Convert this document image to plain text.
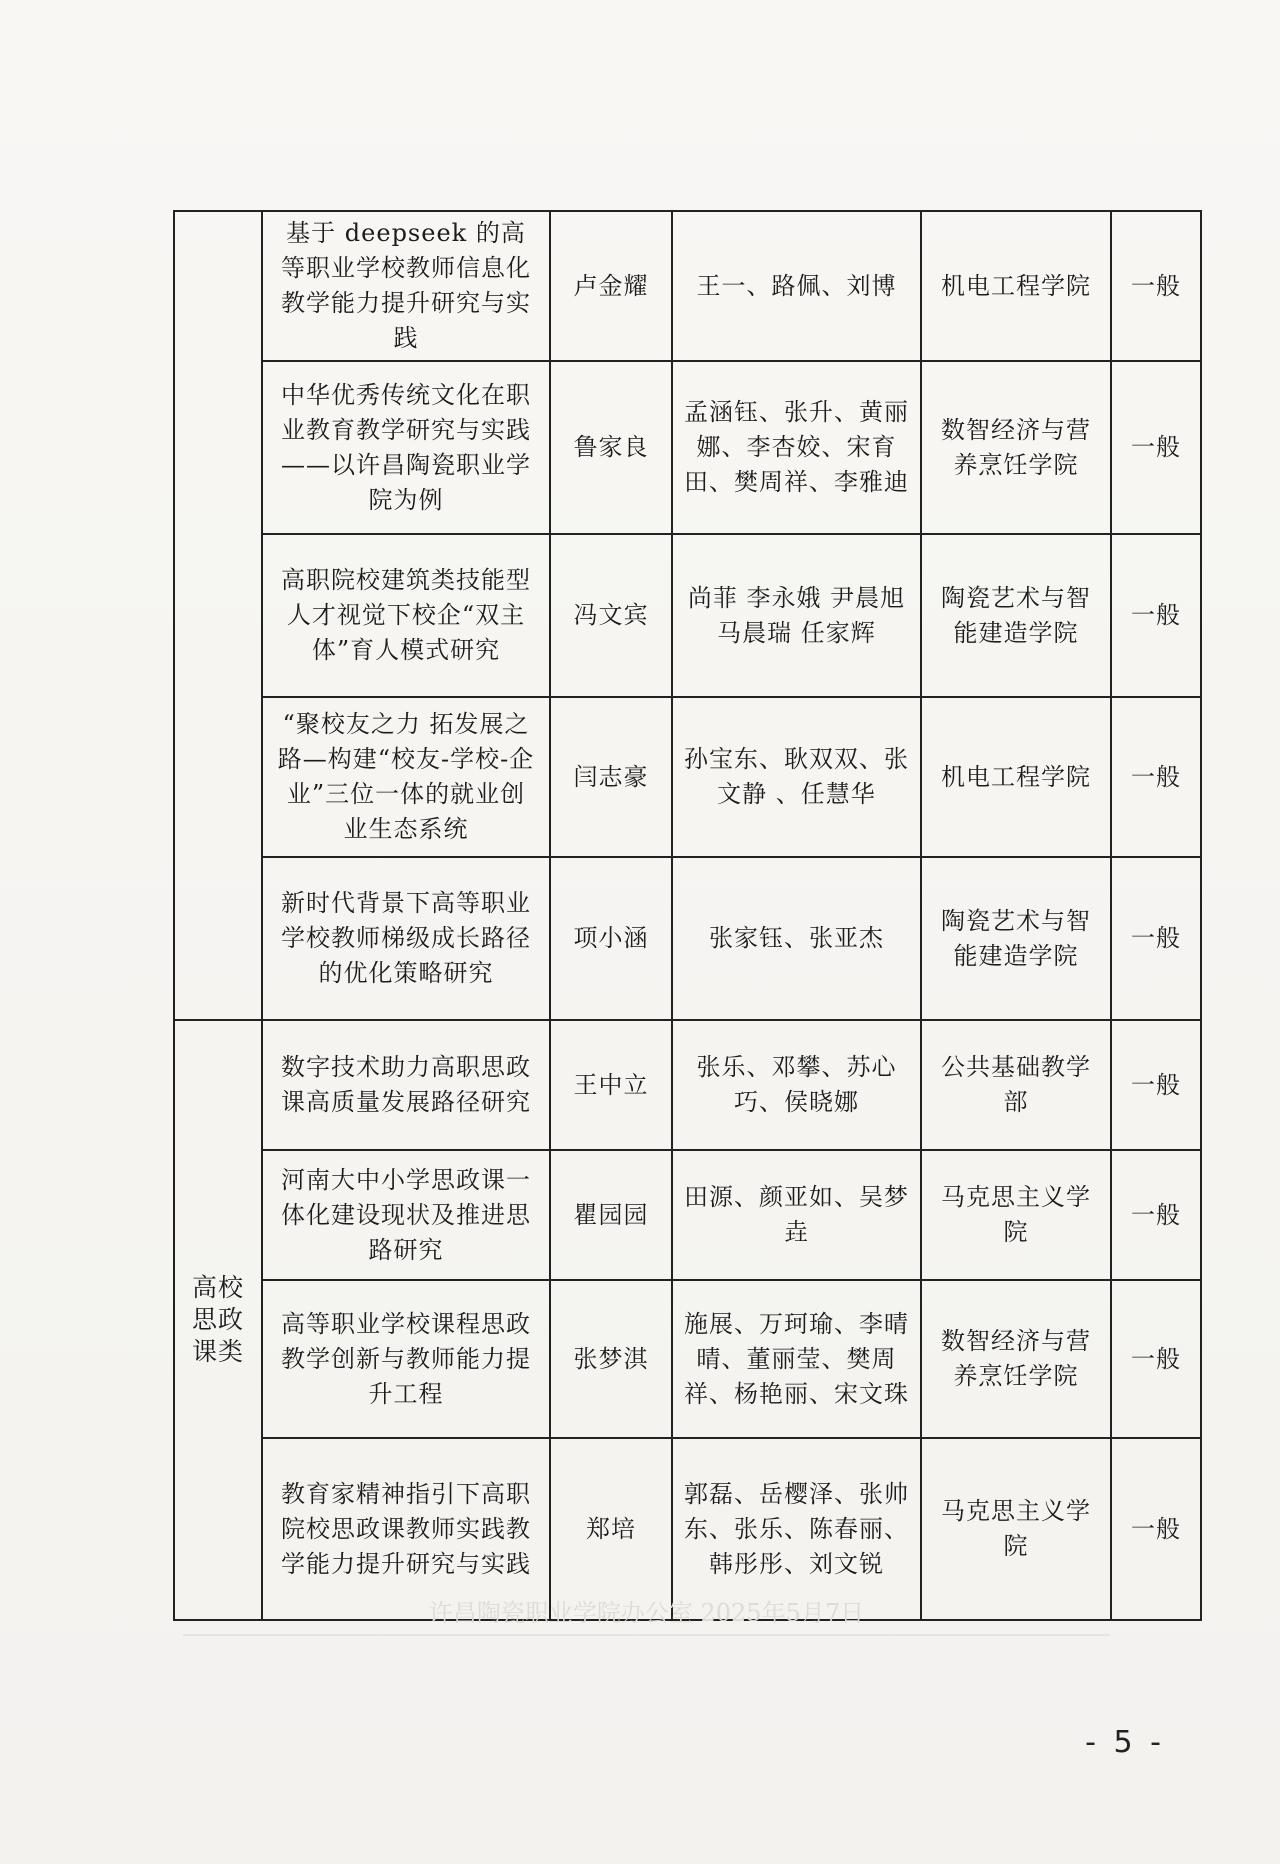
	基于 deepseek 的高等职业学校教师信息化教学能力提升研究与实践	卢金耀	王一、路佩、刘博	机电工程学院	一般
	中华优秀传统文化在职业教育教学研究与实践——以许昌陶瓷职业学院为例	鲁家良	孟涵钰、张升、黄丽娜、李杏姣、宋育田、樊周祥、李雅迪	数智经济与营养烹饪学院	一般
	高职院校建筑类技能型人才视觉下校企“双主体”育人模式研究	冯文宾	尚菲 李永娥 尹晨旭 马晨瑞 任家辉	陶瓷艺术与智能建造学院	一般
	“聚校友之力 拓发展之路—构建“校友-学校-企业”三位一体的就业创业生态系统	闫志豪	孙宝东、耿双双、张文静 、任慧华	机电工程学院	一般
	新时代背景下高等职业学校教师梯级成长路径的优化策略研究	项小涵	张家钰、张亚杰	陶瓷艺术与智能建造学院	一般
高校思政课类	数字技术助力高职思政课高质量发展路径研究	王中立	张乐、邓攀、苏心巧、侯晓娜	公共基础教学部	一般
	河南大中小学思政课一体化建设现状及推进思路研究	瞿园园	田源、颜亚如、吴梦垚	马克思主义学院	一般
	高等职业学校课程思政教学创新与教师能力提升工程	张梦淇	施展、万珂瑜、李晴晴、董丽莹、樊周祥、杨艳丽、宋文珠	数智经济与营养烹饪学院	一般
	教育家精神指引下高职院校思政课教师实践教学能力提升研究与实践	郑培	郭磊、岳樱泽、张帅东、张乐、陈春丽、韩彤彤、刘文锐	马克思主义学院	一般
许昌陶瓷职业学院办公室 2025年5月7日
- 5 -
